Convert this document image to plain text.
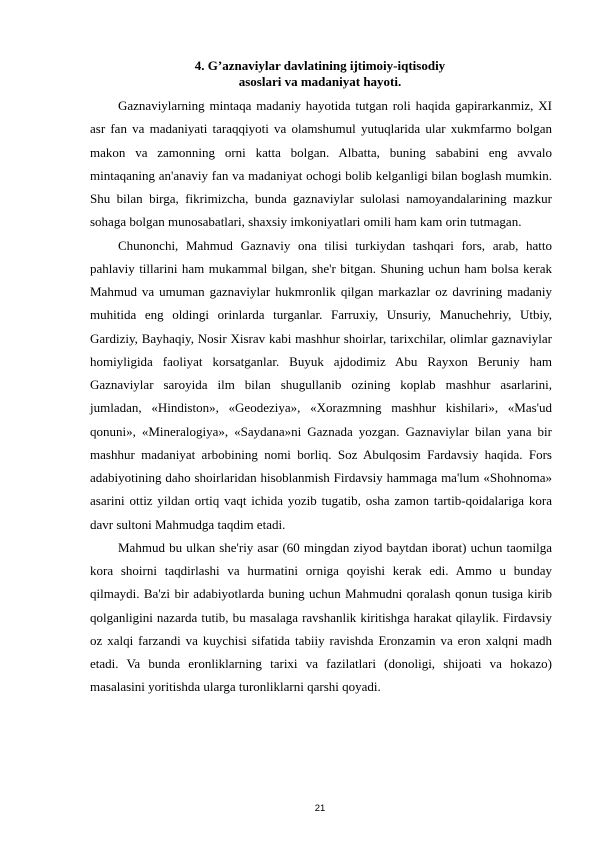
4. G’aznaviylar davlatining ijtimoiy-iqtisodiy
asoslari va madaniyat hayoti.

Gaznaviylarning mintaqa madaniy hayotida tutgan roli haqida gapirarkanmiz, XI asr fan va madaniyati taraqqiyoti va olamshumul yutuqlarida ular xukmfarmo bolgan makon va zamonning orni katta bolgan. Albatta, buning sababini eng avvalo mintaqaning an'anaviy fan va madaniyat ochogi bolib kelganligi bilan boglash mumkin. Shu bilan birga, fikrimizcha, bunda gaznaviylar sulolasi namoyandalarining mazkur sohaga bolgan munosabatlari, shaxsiy imkoniyatlari omili ham kam orin tutmagan.

Chunonchi, Mahmud Gaznaviy ona tilisi turkiydan tashqari fors, arab, hatto pahlaviy tillarini ham mukammal bilgan, she'r bitgan. Shuning uchun ham bolsa kerak Mahmud va umuman gaznaviylar hukmronlik qilgan markazlar oz davrining madaniy muhitida eng oldingi orinlarda turganlar. Farruxiy, Unsuriy, Manuchehriy, Utbiy, Gardiziy, Bayhaqiy, Nosir Xisrav kabi mashhur shoirlar, tarixchilar, olimlar gaznaviylar homiyligida faoliyat korsatganlar. Buyuk ajdodimiz Abu Rayxon Beruniy ham Gaznaviylar saroyida ilm bilan shugullanib ozining koplab mashhur asarlarini, jumladan, «Hindiston», «Geodeziya», «Xorazmning mashhur kishilari», «Mas'ud qonuni», «Mineralogiya», «Saydana»ni Gaznada yozgan. Gaznaviylar bilan yana bir mashhur madaniyat arbobining nomi borliq. Soz Abulqosim Fardavsiy haqida. Fors adabiyotining daho shoirlaridan hisoblanmish Firdavsiy hammaga ma'lum «Shohnoma» asarini ottiz yildan ortiq vaqt ichida yozib tugatib, osha zamon tartib-qoidalariga kora davr sultoni Mahmudga taqdim etadi.

Mahmud bu ulkan she'riy asar (60 mingdan ziyod baytdan iborat) uchun taomilga kora shoirni taqdirlashi va hurmatini orniga qoyishi kerak edi. Ammo u bunday qilmaydi. Ba'zi bir adabiyotlarda buning uchun Mahmudni qoralash qonun tusiga kirib qolganligini nazarda tutib, bu masalaga ravshanlik kiritishga harakat qilaylik. Firdavsiy oz xalqi farzandi va kuychisi sifatida tabiiy ravishda Eronzamin va eron xalqni madh etadi. Va bunda eronliklarning tarixi va fazilatlari (donoligi, shijoati va hokazo) masalasini yoritishda ularga turonliklarni qarshi qoyadi.

21
